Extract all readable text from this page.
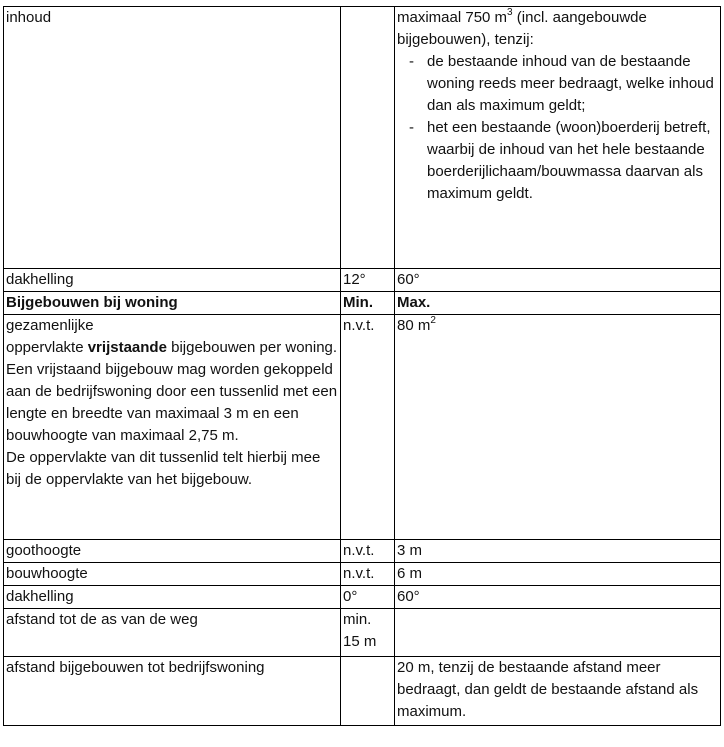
inhoud		maximaal 750 $m^3$ (incl. aangebouwde bijgebouwen), tenzij:
- de bestaande inhoud van de bestaande woning reeds meer bedraagt, welke inhoud dan als maximum geldt;
- het een bestaande (woon)boerderij betreft, waarbij de inhoud van het hele bestaande boerderijlichaam/bouwmassa daarvan als maximum geldt.

dakhelling	12°	60°
Bijgebouwen bij woning	Min.	Max.

gezamenlijke
oppervlakte vrijstaande bijgebouwen per woning.
Een vrijstaand bijgebouw mag worden gekoppeld aan de bedrijfswoning door een tussenlid met een lengte en breedte van maximaal 3 m en een bouwhoogte van maximaal 2,75 m.
De oppervlakte van dit tussenlid telt hierbij mee bij de oppervlakte van het bijgebouw.	n.v.t.	80 $m^2$
goothoogte	n.v.t.	3 m
bouwhoogte	n.v.t.	6 m
dakhelling	0°	60°
afstand tot de as van de weg	min.
15 m	

afstand bijgebouwen tot bedrijfswoning		20 m, tenzij de bestaande afstand meer bedraagt, dan geldt de bestaande afstand als maximum.
